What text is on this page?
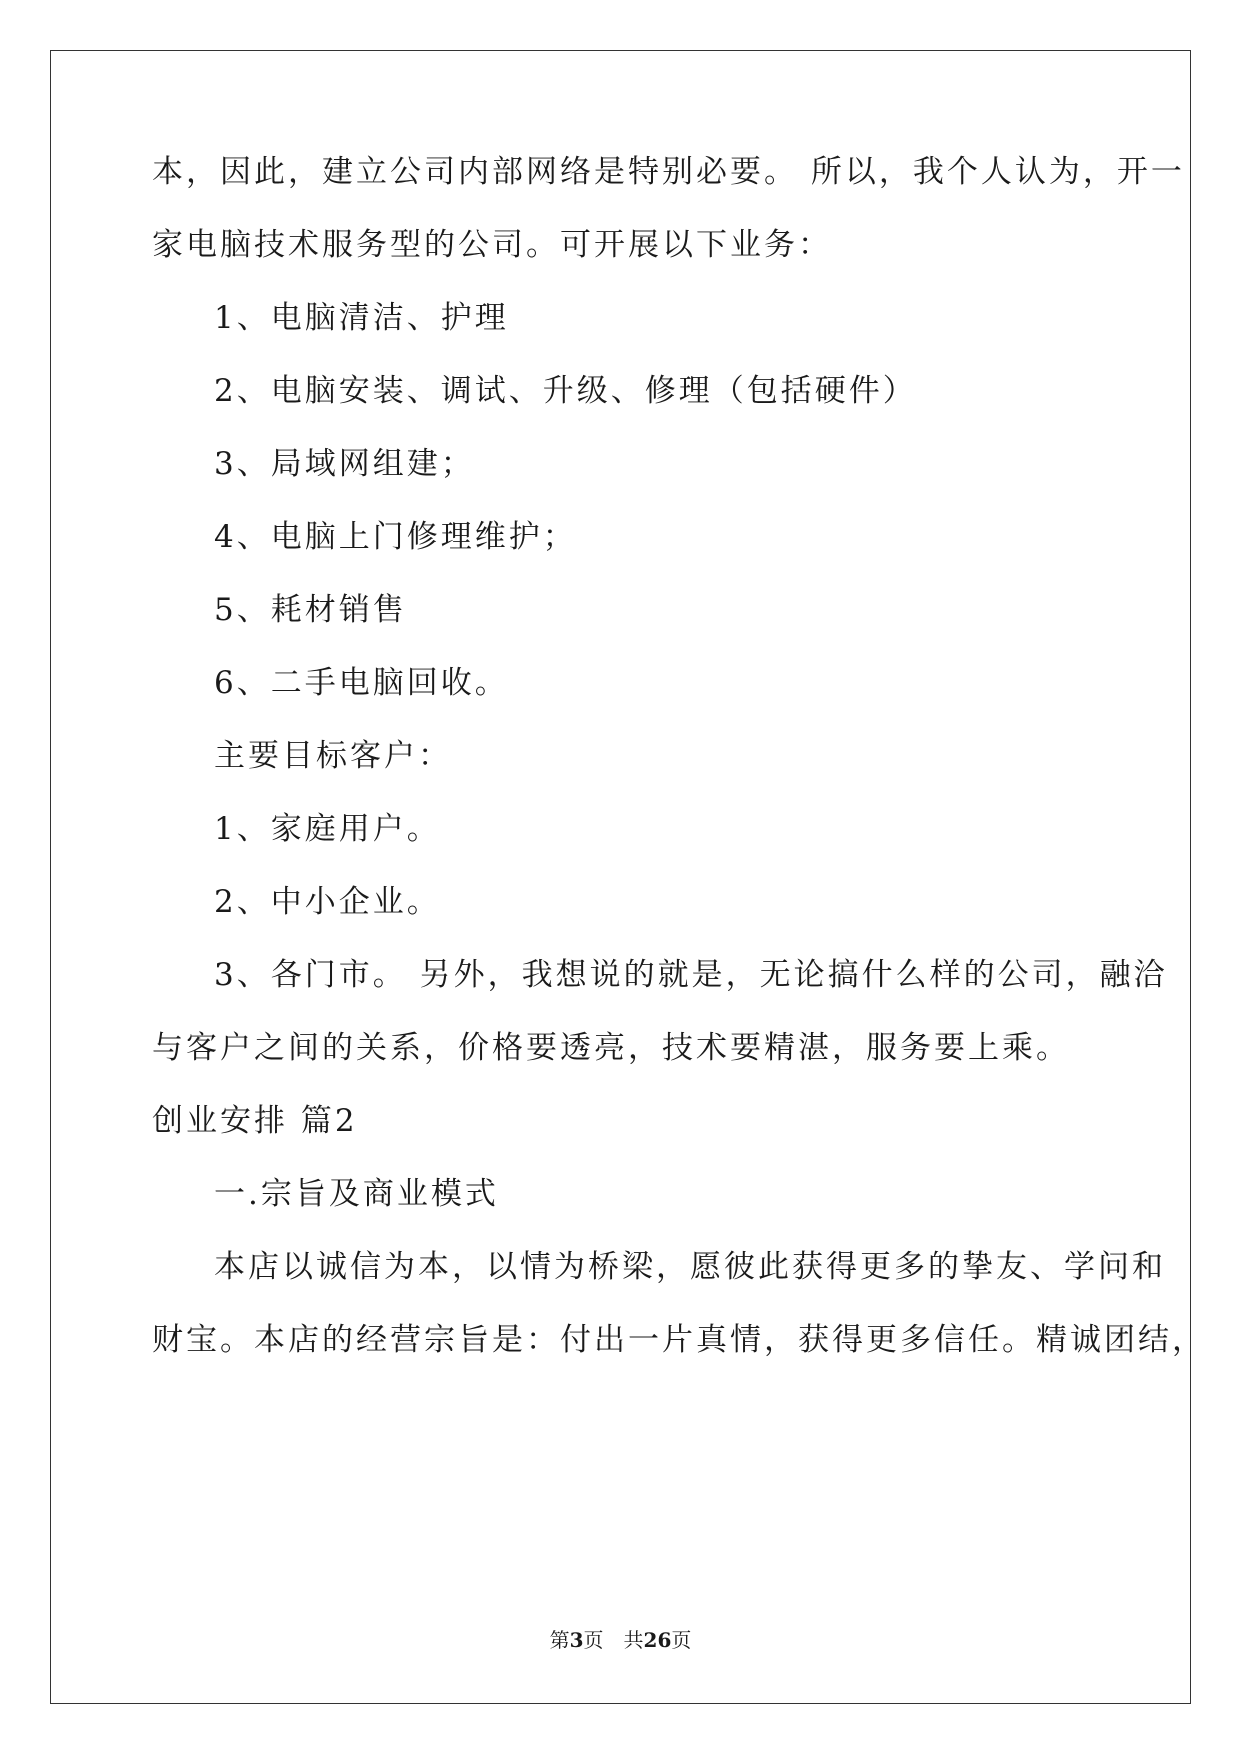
本，因此，建立公司内部网络是特别必要。 所以，我个人认为，开一
家电脑技术服务型的公司。可开展以下业务：
1、电脑清洁、护理
2、电脑安装、调试、升级、修理（包括硬件）
3、局域网组建；
4、电脑上门修理维护；
5、耗材销售
6、二手电脑回收。
主要目标客户：
1、家庭用户。
2、中小企业。
3、各门市。 另外，我想说的就是，无论搞什么样的公司，融洽
与客户之间的关系，价格要透亮，技术要精湛，服务要上乘。
创业安排 篇2
一.宗旨及商业模式
本店以诚信为本，以情为桥梁，愿彼此获得更多的挚友、学问和
财宝。本店的经营宗旨是：付出一片真情，获得更多信任。精诚团结，
第3页 共26页
